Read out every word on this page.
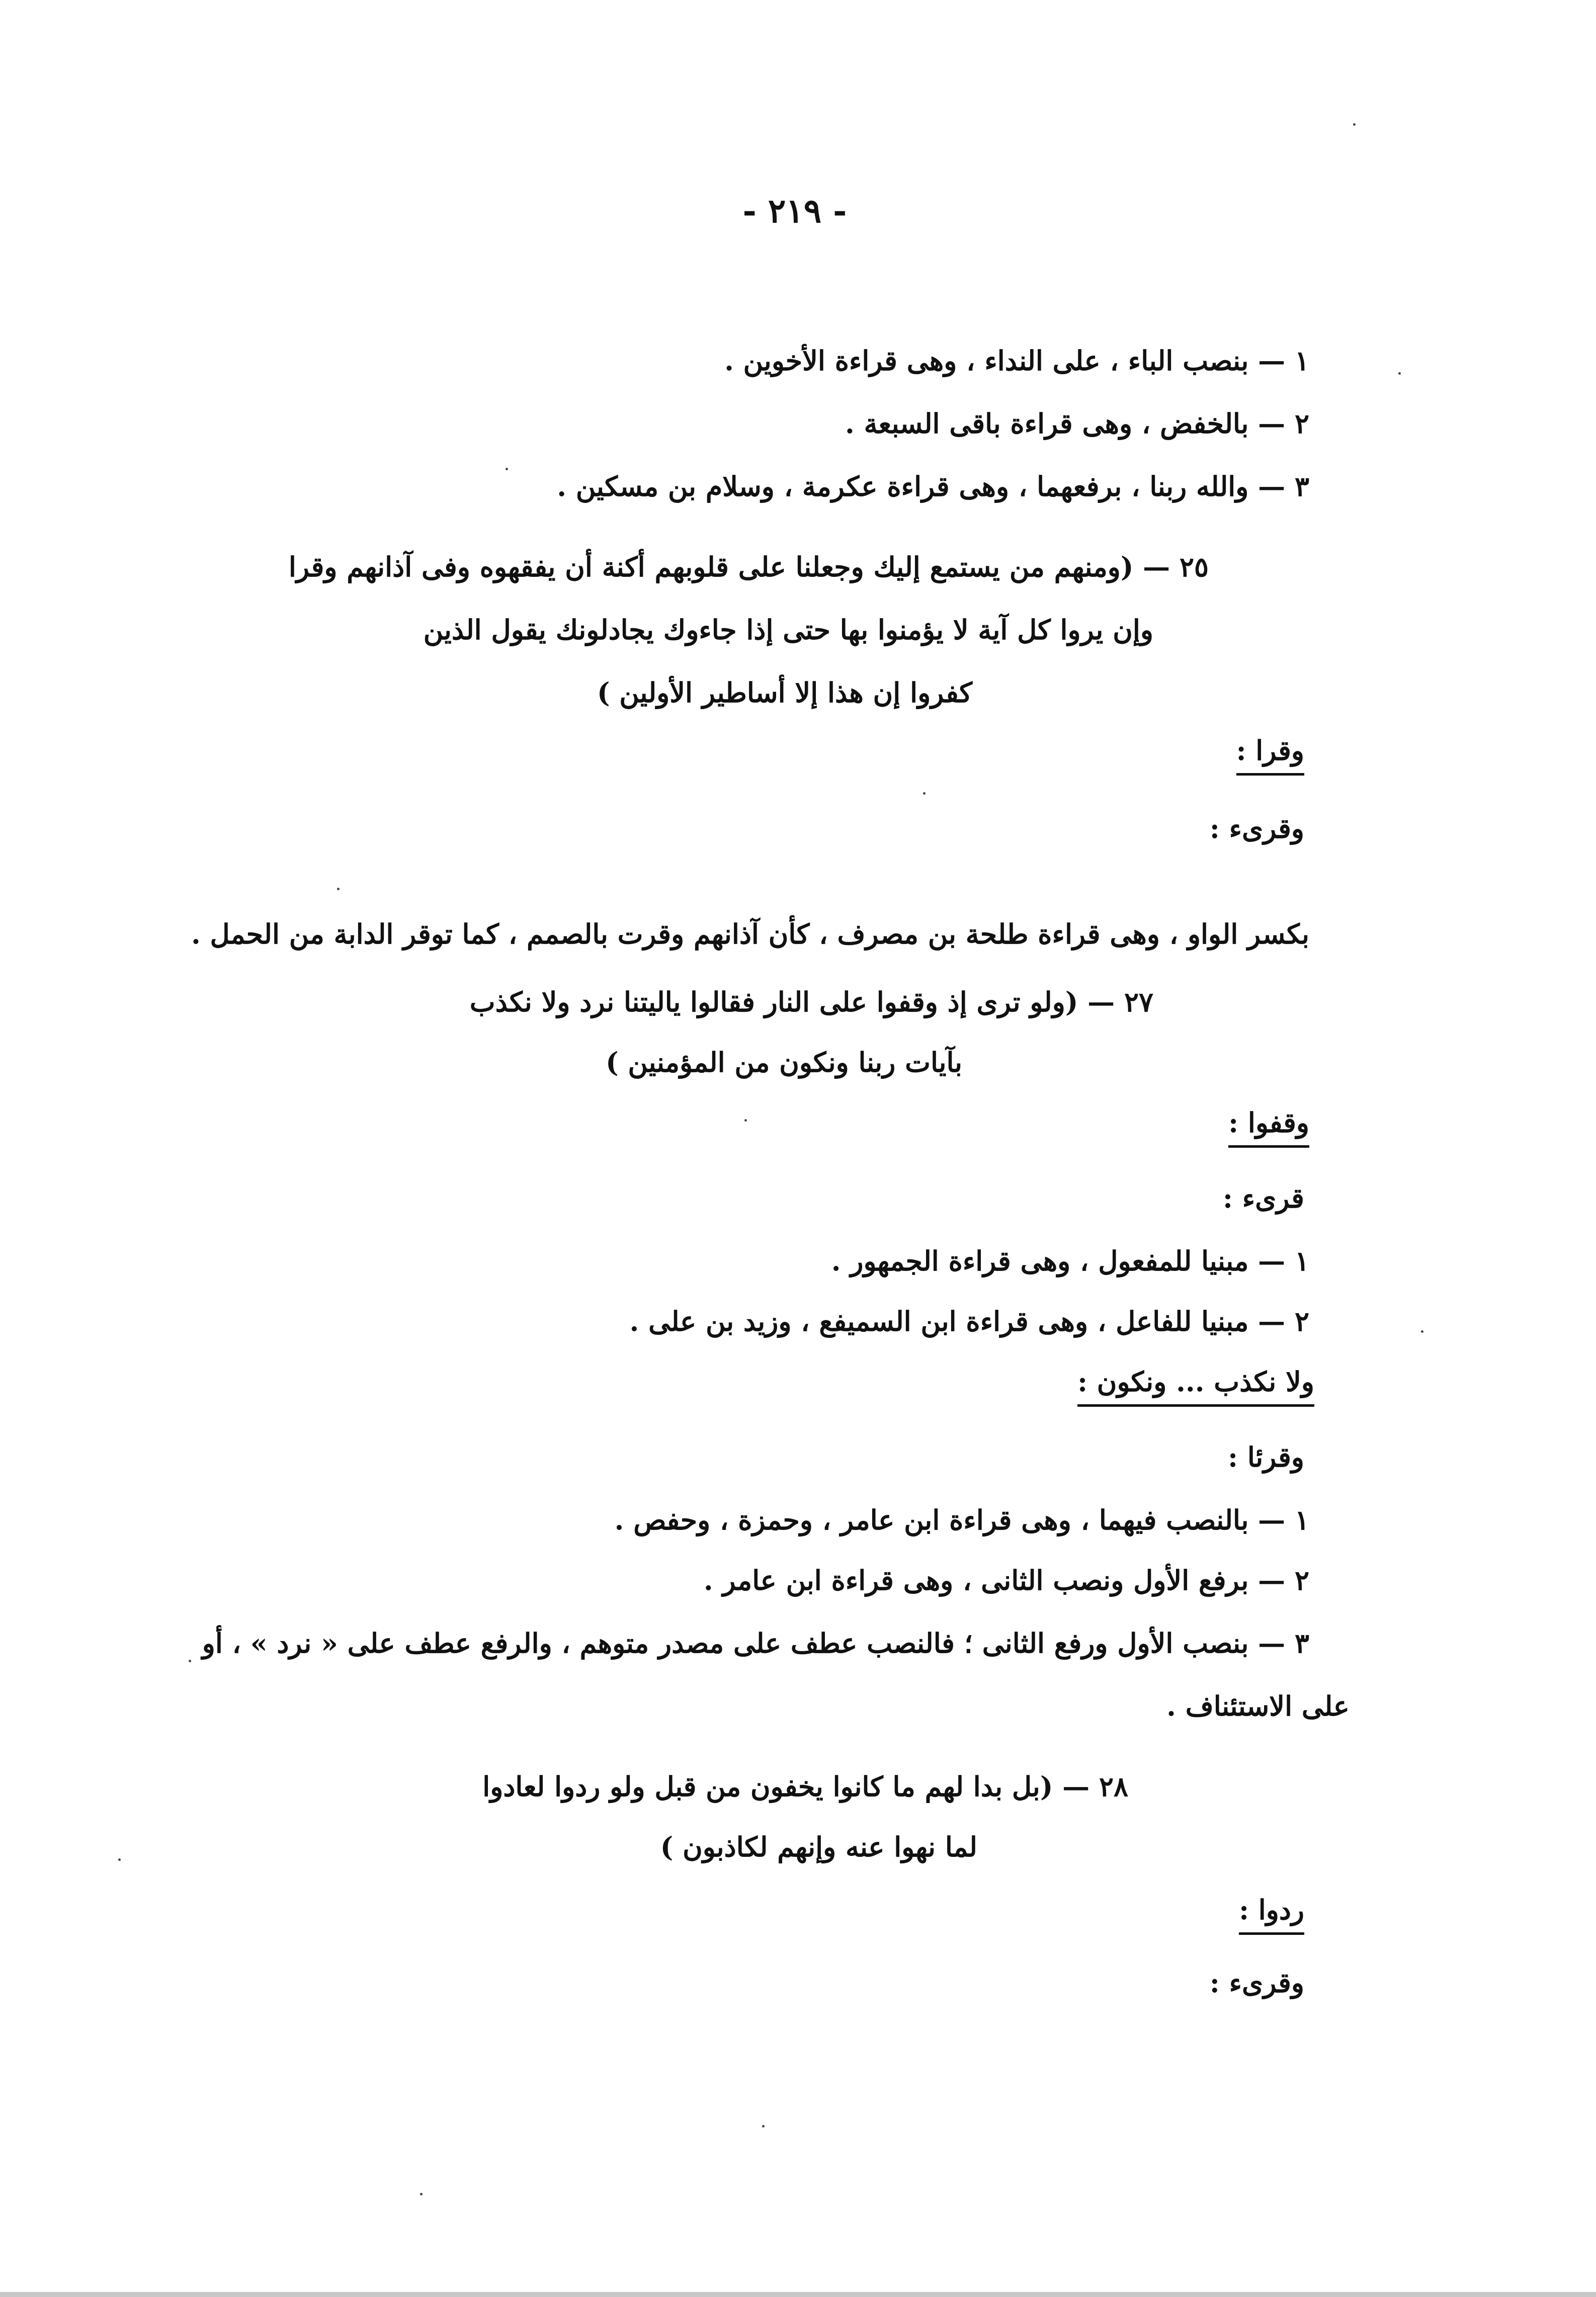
- ٢١٩ -
١ — بنصب الباء ، على النداء ، وهى قراءة الأخوين .
٢ — بالخفض ، وهى قراءة باقى السبعة .
٣ — والله ربنا ، برفعهما ، وهى قراءة عكرمة ، وسلام بن مسكين .
٢٥ — (ومنهم من يستمع إليك وجعلنا على قلوبهم أكنة أن يفقهوه وفى آذانهم وقرا
وإن يروا كل آية لا يؤمنوا بها حتى إذا جاءوك يجادلونك يقول الذين
كفروا إن هذا إلا أساطير الأولين )
وقرا :
وقرىء :
بكسر الواو ، وهى قراءة طلحة بن مصرف ، كأن آذانهم وقرت بالصمم ، كما توقر الدابة من الحمل .
٢٧ — (ولو ترى إذ وقفوا على النار فقالوا ياليتنا نرد ولا نكذب
بآيات ربنا ونكون من المؤمنين )
وقفوا :
قرىء :
١ — مبنيا للمفعول ، وهى قراءة الجمهور .
٢ — مبنيا للفاعل ، وهى قراءة ابن السميفع ، وزيد بن على .
ولا نكذب ... ونكون :
وقرئا :
١ — بالنصب فيهما ، وهى قراءة ابن عامر ، وحمزة ، وحفص .
٢ — برفع الأول ونصب الثانى ، وهى قراءة ابن عامر .
٣ — بنصب الأول ورفع الثانى ؛ فالنصب عطف على مصدر متوهم ، والرفع عطف على « نرد » ، أو
على الاستئناف .
٢٨ — (بل بدا لهم ما كانوا يخفون من قبل ولو ردوا لعادوا
لما نهوا عنه وإنهم لكاذبون )
ردوا :
وقرىء :
